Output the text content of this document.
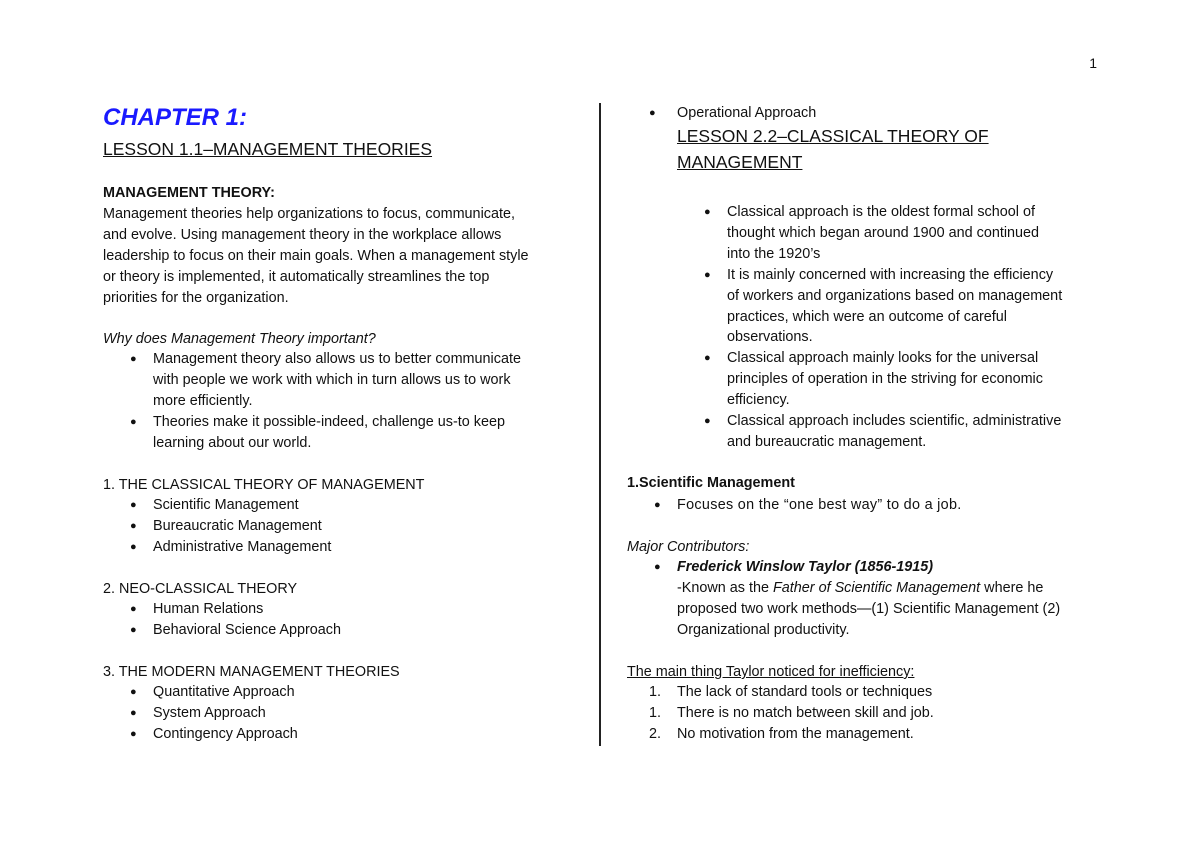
1
CHAPTER 1:
LESSON 1.1–MANAGEMENT THEORIES
MANAGEMENT THEORY:
Management theories help organizations to focus, communicate,
and evolve. Using management theory in the workplace allows
leadership to focus on their main goals. When a management style
or theory is implemented, it automatically streamlines the top
priorities for the organization.
Why does Management Theory important?
● Management theory also allows us to better communicate
with people we work with which in turn allows us to work
more efficiently.
● Theories make it possible-indeed, challenge us-to keep
learning about our world.
1. THE CLASSICAL THEORY OF MANAGEMENT
● Scientific Management
● Bureaucratic Management
● Administrative Management
2. NEO-CLASSICAL THEORY
● Human Relations
● Behavioral Science Approach
3. THE MODERN MANAGEMENT THEORIES
● Quantitative Approach
● System Approach
● Contingency Approach
● Operational Approach
LESSON 2.2–CLASSICAL THEORY OF
MANAGEMENT
● Classical approach is the oldest formal school of
thought which began around 1900 and continued
into the 1920’s
● It is mainly concerned with increasing the efficiency
of workers and organizations based on management
practices, which were an outcome of careful
observations.
● Classical approach mainly looks for the universal
principles of operation in the striving for economic
efficiency.
● Classical approach includes scientific, administrative
and bureaucratic management.
1.Scientific Management
● Focuses on the “one best way” to do a job.
Major Contributors:
● Frederick Winslow Taylor (1856-1915)
-Known as the Father of Scientific Management where he
proposed two work methods—(1) Scientific Management (2)
Organizational productivity.
The main thing Taylor noticed for inefficiency:
1. The lack of standard tools or techniques
1. There is no match between skill and job.
2. No motivation from the management.
